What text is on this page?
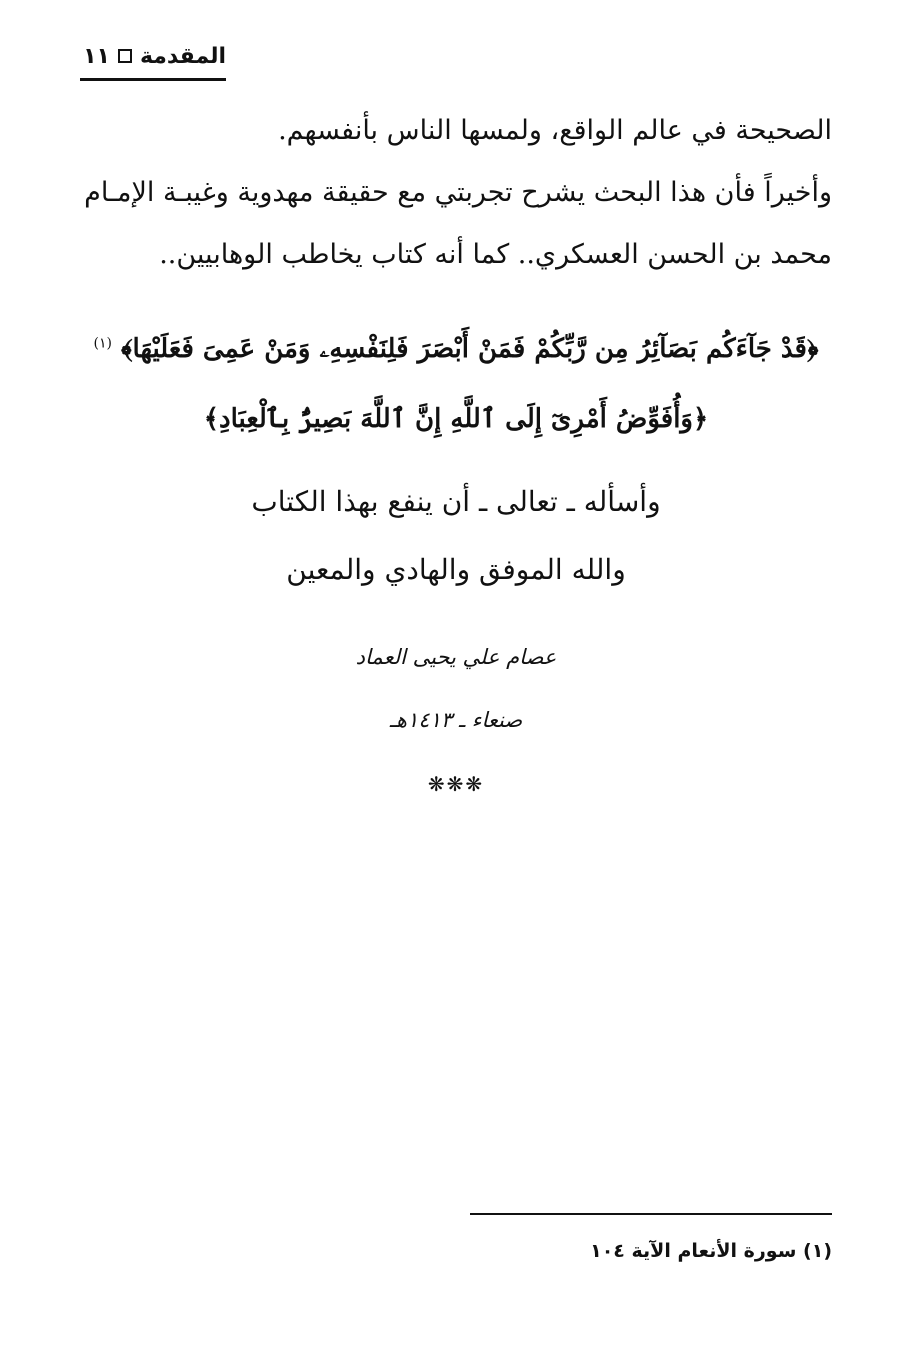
المقدمة
١١

الصحيحة في عالم الواقع، ولمسها الناس بأنفسهم.

وأخيراً فأن هذا البحث يشرح تجربتي مع حقيقة مهدوية وغيبـة الإمـام

محمد بن الحسن العسكري.. كما أنه كتاب يخاطب الوهابيين..

﴿قَدْ جَآءَكُم بَصَآئِرُ مِن رَّبِّكُمْ فَمَنْ أَبْصَرَ فَلِنَفْسِهِۦ وَمَنْ عَمِىَ فَعَلَيْهَا﴾ $^{(١)}$
﴿وَأُفَوِّضُ أَمْرِىٓ إِلَى ٱللَّهِ إِنَّ ٱللَّهَ بَصِيرٌۢ بِٱلْعِبَادِ﴾
وأسأله ـ تعالى ـ أن ينفع بهذا الكتاب
والله الموفق والهادي والمعين
عصام علي يحيى العماد
صنعاء ـ ١٤١٣هـ
❋❋❋
(١) سورة الأنعام الآية ١٠٤
